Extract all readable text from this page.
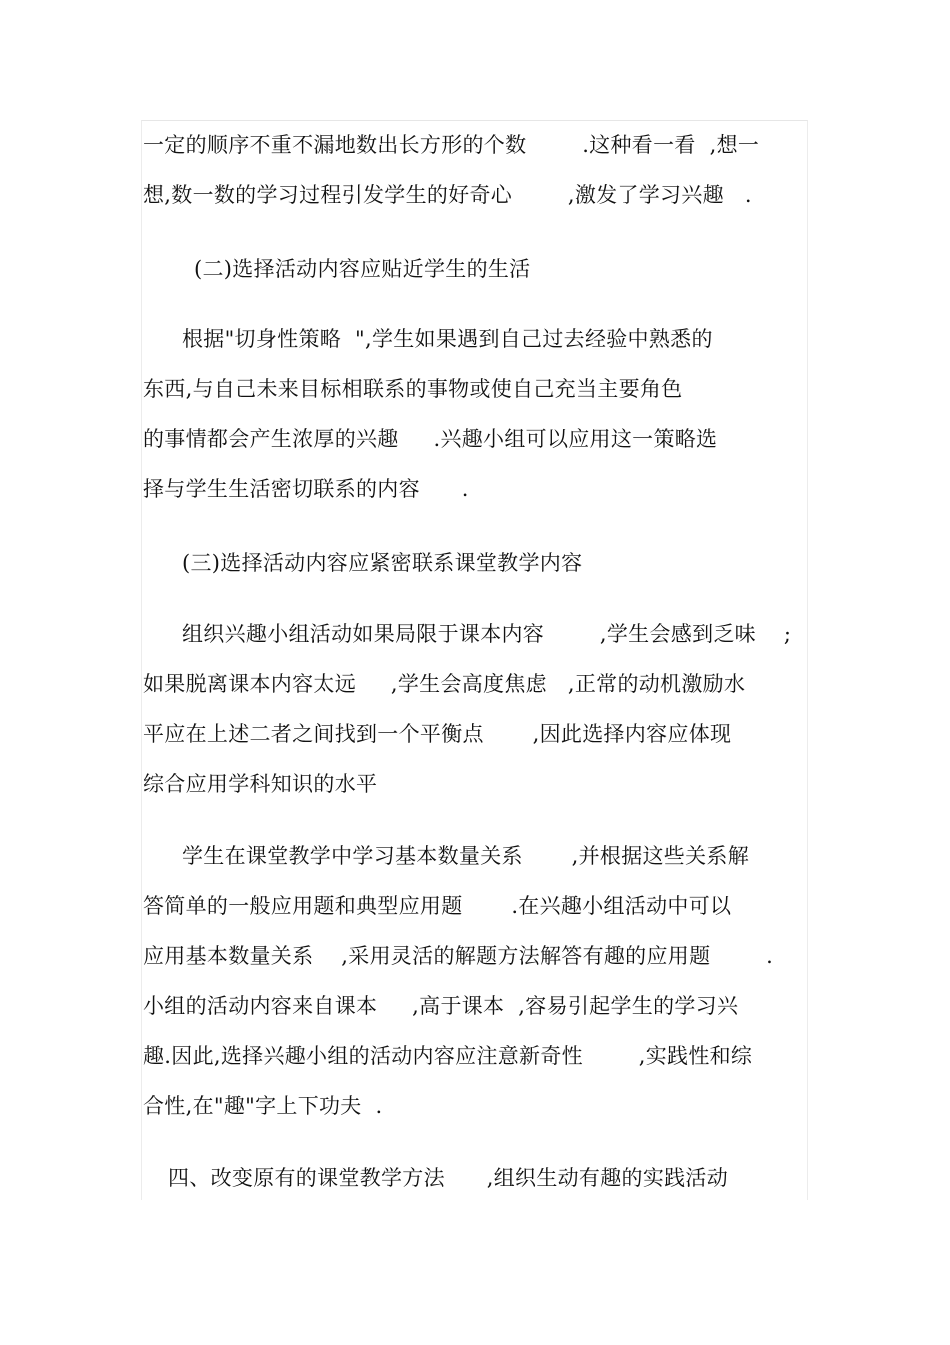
一定的顺序不重不漏地数出长方形的个数        .这种看一看  ,想一
想,数一数的学习过程引发学生的好奇心        ,激发了学习兴趣   .
(二)选择活动内容应贴近学生的生活
根据"切身性策略  ",学生如果遇到自己过去经验中熟悉的
东西,与自己未来目标相联系的事物或使自己充当主要角色
的事情都会产生浓厚的兴趣     .兴趣小组可以应用这一策略选
择与学生生活密切联系的内容      .
(三)选择活动内容应紧密联系课堂教学内容
组织兴趣小组活动如果局限于课本内容        ,学生会感到乏味    ;
如果脱离课本内容太远     ,学生会高度焦虑   ,正常的动机激励水
平应在上述二者之间找到一个平衡点       ,因此选择内容应体现
综合应用学科知识的水平
学生在课堂教学中学习基本数量关系       ,并根据这些关系解
答简单的一般应用题和典型应用题       .在兴趣小组活动中可以
应用基本数量关系    ,采用灵活的解题方法解答有趣的应用题        .
小组的活动内容来自课本     ,高于课本  ,容易引起学生的学习兴
趣.因此,选择兴趣小组的活动内容应注意新奇性        ,实践性和综
合性,在"趣"字上下功夫  .
四、改变原有的课堂教学方法      ,组织生动有趣的实践活动
